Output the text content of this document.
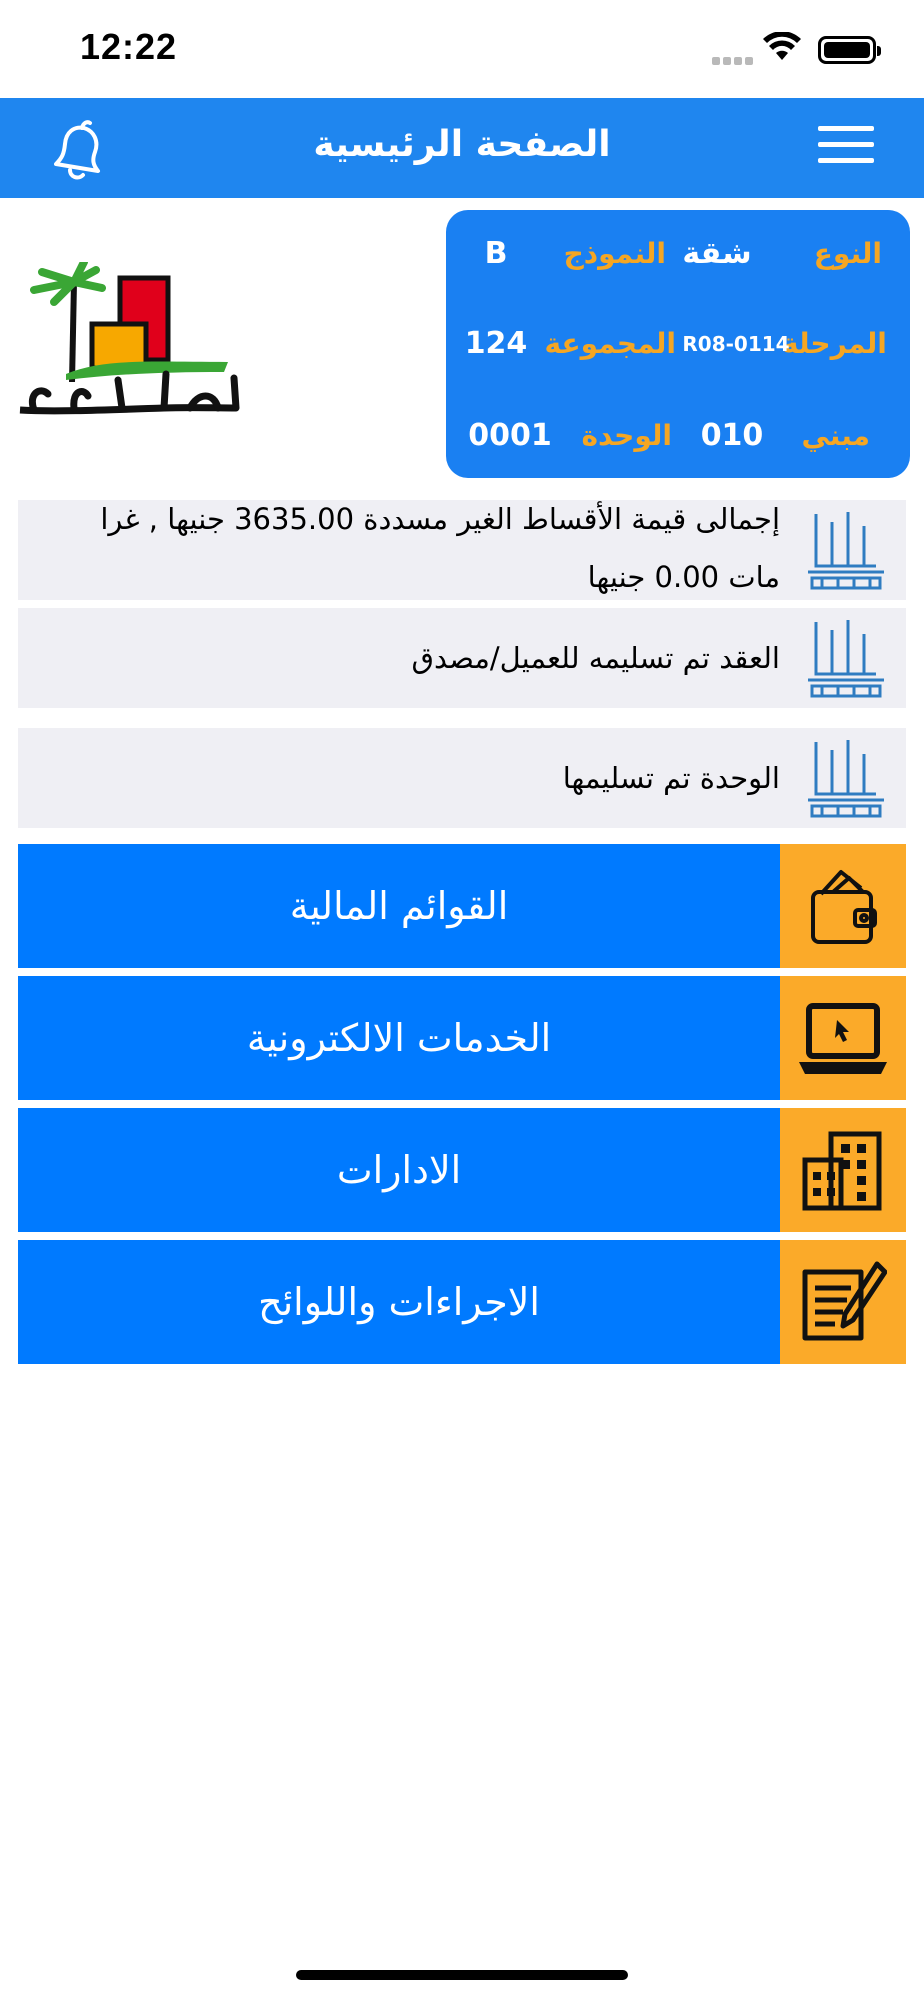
12:22
الصفحة الرئيسية
النوع
شقة
النموذج
B
المرحلة
R08-0114
المجموعة
124
مبني
010
الوحدة
0001
إجمالى قيمة الأقساط الغير مسددة 3635.00 جنيها , غرا
مات 0.00 جنيها
العقد تم تسليمه للعميل/مصدق
الوحدة تم تسليمها
القوائم المالية
الخدمات الالكترونية
الادارات
الاجراءات واللوائح
